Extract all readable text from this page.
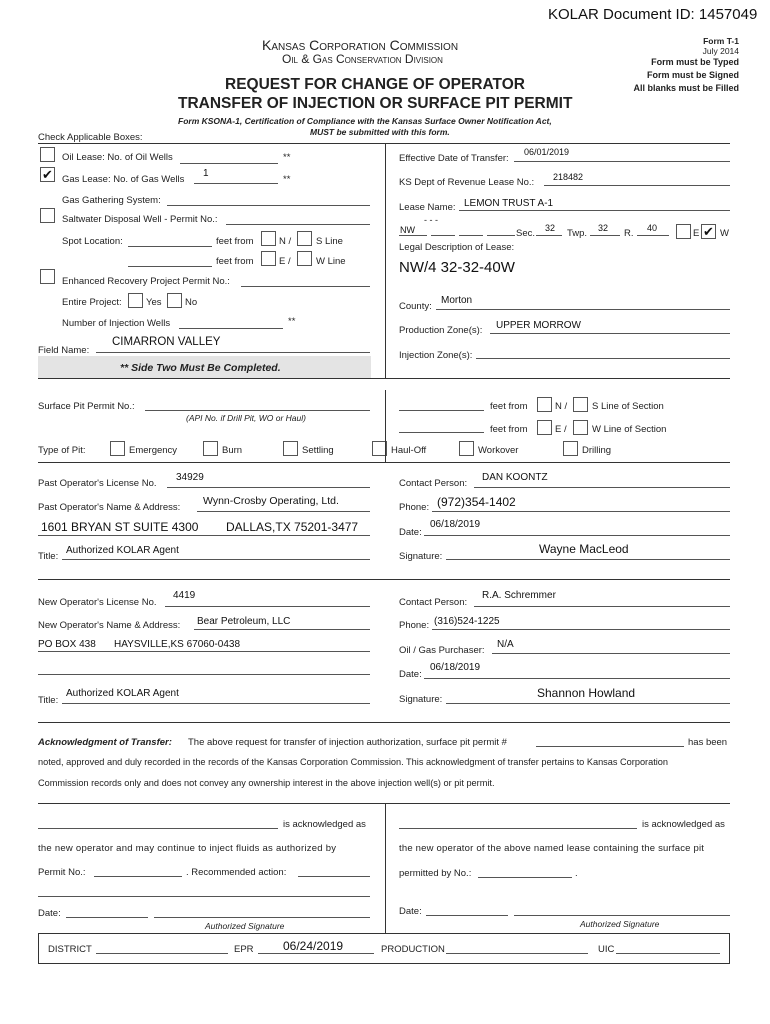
KOLAR Document ID: 1457049
Kansas Corporation Commission
Oil & Gas Conservation Division
REQUEST FOR CHANGE OF OPERATOR
TRANSFER OF INJECTION OR SURFACE PIT PERMIT
Form T-1
July 2014
Form must be Typed
Form must be Signed
All blanks must be Filled
Form KSONA-1, Certification of Compliance with the Kansas Surface Owner Notification Act,
MUST be submitted with this form.
Check Applicable Boxes:
Oil Lease: No. of Oil Wells	**
✔ Gas Lease: No. of Gas Wells
1
**
Gas Gathering System:
Saltwater Disposal Well - Permit No.:
Spot Location:	feet from	N /	S Line
feet from	E /	W Line
Enhanced Recovery Project Permit No.:
Entire Project:	Yes No
Number of Injection Wells	**
Field Name:
CIMARRON VALLEY
** Side Two Must Be Completed.
Effective Date of Transfer:
06/01/2019
KS Dept of Revenue Lease No.: 218482
Lease Name: LEMON TRUST A-1
- - -
NW	Sec. 32 Twp. 32 R. 40	E ✔ W
Legal Description of Lease:
NW/4 32-32-40W
County:
Morton
Production Zone(s): UPPER MORROW
Injection Zone(s):
Surface Pit Permit No.:
(API No. if Drill Pit, WO or Haul)
feet from	N /	S Line of Section
feet from	E /	W Line of Section
Type of Pit:	Emergency	Burn	Settling	Haul-Off	Workover	Drilling
Past Operator's License No.
34929
Past Operator's Name & Address:
Wynn-Crosby Operating, Ltd.
1601 BRYAN ST SUITE 4300 DALLAS,TX 75201-3477
Title:
Authorized KOLAR Agent
Contact Person:
DAN KOONTZ
Phone: (972)354-1402
Date:
06/18/2019
Signature:
Wayne MacLeod
New Operator's License No.
4419
New Operator's Name & Address: Bear Petroleum, LLC
PO BOX 438 HAYSVILLE,KS 67060-0438
Title:
Authorized KOLAR Agent
Contact Person:
R.A. Schremmer
Phone: (316)524-1225
Oil / Gas Purchaser:
N/A
Date:
06/18/2019
Signature:	Shannon Howland
Acknowledgment of Transfer: The above request for transfer of injection authorization, surface pit permit #	has been
noted, approved and duly recorded in the records of the Kansas Corporation Commission. This acknowledgment of transfer pertains to Kansas Corporation
Commission records only and does not convey any ownership interest in the above injection well(s) or pit permit.
is acknowledged as
the new operator and may continue to inject fluids as authorized by
Permit No.:	. Recommended action:
Date:
Authorized Signature
is acknowledged as
the new operator of the above named lease containing the surface pit
permitted by No.:	.
Date:
Authorized Signature
DISTRICT	EPR 06/24/2019	PRODUCTION	UIC
